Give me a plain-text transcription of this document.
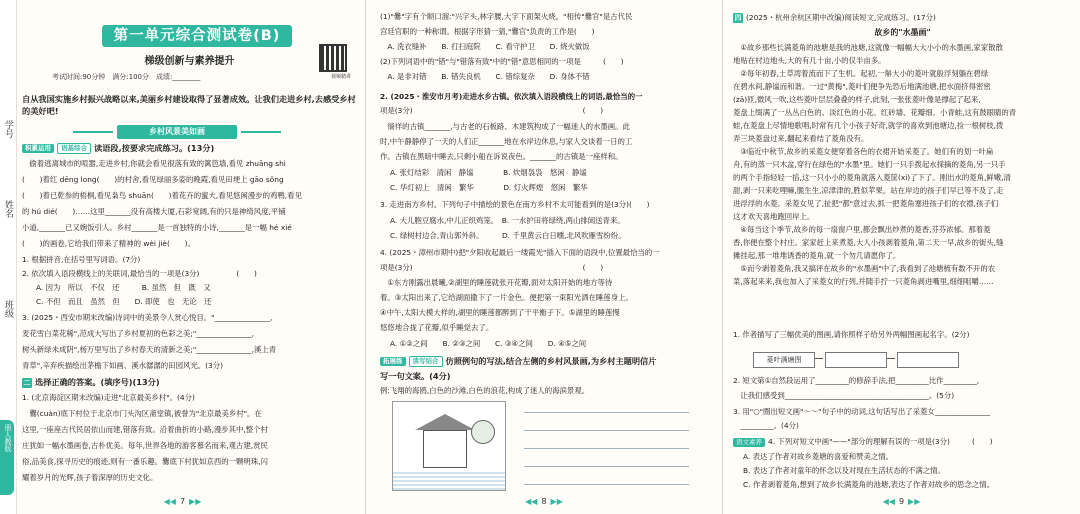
学号
姓名
班级
课时练大语文四年级下册人教版
第一单元综合测试卷(B)
梯级创新与素养提升
视频精讲
考试时间:90分钟　满分:100分　成绩:________
自从我国实施乡村振兴战略以来,美丽乡村建设取得了显著成效。让我们走进乡村,去感受乡村的美好吧!
乡村风景美如画
积累运用	语基综合 读语段,按要求完成练习。(13分)
　偷着逃离城市的喧嚣,走进乡村,你就会看见很落有致的篱笆墙,看见 zhuāng shì
(　　)着红 dēng long(　　)的村舍,看见绿丽多姿的晚霞,看见田埂上 gāo sǒng
(　　)着已乾参的梧桐,看见枭鸟 shuān(　　)着花卉的蜜大,看见悠闲漫步的鸡鸭,看见
的 hú dié(　　)……这里_______没有高楼大厦,石彩宽阔,有的只是神绮风度,平铺
小道,_______已又婉饭引人。乡村_______是一首独特的小诗,_______是一幅 hé xié
(　　)的画卷,它给我们带来了精神的 wèi jiè(　　)。
1. 根据拼音,在括号里写词语。(7分)
2. 依次填入语段横线上的关联词,最恰当的一项是(3分)　　　　　(　　)
A. 因为　所以　不仅　还　　　	B. 虽然　但　既　又
C. 不但　而且　虽然　但　　 D. 即使　也　无论　还
3. (2025・西安市期末改编)诗词中的美景令人赏心悦目。"_______________,
麦花雪白菜花稀",范成大写出了乡村夏初的色彩之美;"_______________,
树头新绿未成阴",杨万里写出了乡村春天的清新之美;"_______________,溪上青
青草",辛弃疾描绘出茅檐下如画、溪水潺潺的田园风光。(3分)
二 选择正确的答案。(填序号)(13分)
1. (北京海淀区期末改编)走进"北京最美乡村"。(4分)
　爨(cuàn)底下村位于北京市门头沟区斋堂镇,被誉为"北京最美乡村"。在
这里,一座座古代民居依山而建,错落有致。沿着曲折的小路,漫步其中,整个村
庄犹如一幅水墨画卷,古朴优美。每年,世界各地的游客慕名而来,观古建,赏民
俗,品美食,探寻历史的痕迹,则有一番乐趣。爨底下村犹如京西的一颗明珠,闪
耀着岁月的光辉,孩子着深厚的历史文化。
◀◀ 7 ▶▶
(1)"爨"字有个顺口溜:"兴字头,林字腰,大字下面架火烧。"相传"爨官"是古代民
宫廷官职的一种称谓。根据字形猜一猜,"爨官"负责的工作是(　　)
　A. 洗衣缝补　　B. 打扫庭院　　C. 看守护卫　　D. 烧火做饭
(2)下列词语中的"错"与"错落有致"中的"错"意思相同的一项是　　　(　　)
　A. 是非对错　　B. 错失良机　　C. 错综复杂　　D. 身体不错
2. (2025・淮安市月考)走进水乡古镇。依次填入语段横线上的词语,最恰当的一
项是(3分)　　　　　　　　　　　　　　　　　　　　　　　(　　)
　徜徉的古镇_______,与古老的石板路、木建筑构成了一幅迷人的水墨画。此
时,中午静静停了一天的人们正_______地在水岸边休息,与家人交谈着一日的工
作。古镇在黑暗中睡去,只剩小船在诉说夜色。_______的古镇是一座样和。
A. 张灯结彩　清闲　静谧　　　　B. 炊烟袅袅　悠闲　静谧
C. 华灯初上　清闲　繁华　　　　D. 灯火辉煌　悠闲　繁华
3. 走进南方乡村。下列句子中描绘的景色在南方乡村不太可能看到的是(3分)(　　)
A. 大儿胞豆腐水,中儿正织鸡笼。　B. 一水护田将绿绕,两山排闼送青来。
C. 绿树村边合,青山郭外斜。　　　D. 千里黄云白日曛,北风吹雁雪纷纷。
4. (2025・漳州市期中)把"夕阳收起最后一缕霞光"插入下面的语段中,位置最恰当的一
项是(3分)　　　　　　　　　　　　　　　　　　　　　　　(　　)
　①东方刚露出晨曦,②湖里的睡莲就张开花瓣,面对太阳开始的地方等待
着。③太阳出来了,它给湖面撒下了一片金色。便把第一束阳光洒在睡莲身上。
④中午,太阳大模大样的,湖里的睡莲都醉到了干平衡子下。⑤湖里的睡莲慢
悠悠地合拢了花瓣,似乎睡觉去了。
A. ①②之间　　B. ②③之间　　C. ③④之间　　D. ④⑤之间
拓展练	读写结合 仿照例句的写法,结合左侧的乡村风景画,为乡村主题明信片
写一句文案。(4分)
例:飞翔的海鸥,白色的沙滩,白色的浪花,构成了迷人的海滨景观。
◀◀ 8 ▶▶
四 (2025・杭州余杭区期中改编)阅读短文,完成练习。(17分)
故乡的"水墨画"
　①故乡那些长满菱角的池塘是我的池塘,这就像一幅幅大大小小的水墨画,家家散散
地贴在村边地头,大的有几十亩,小的仅半亩多。
　②每年初春,土草湾着流而下了生机。起初,一斛大小的菱叶就般浮刻躺在碧绿
在碧水间,静谧而和谐。一过"黄梅",菱叶们便争先恐后地满池塘,把水面挤得密密
(zā)匝,微风一吹,这些菱叶层层叠叠的样子,此刻,一张张菱叶像是撑起了起来,
菱盘上缀满了一丛丛白色的、淡红色的小花。红砖墙、花瓣细、小青蛙,这有鼓眼睛的青
蛙,在菱盘上尽情地歌唱,时常有几个小孩子好奇,就学的喜欢到池塘边,捡一根树枝,拨
弄三块菱盘过来,翻起来看结了菱角没有。
　③临近中秋节,故乡的采菱女便穿着各色的衣裙开始采菱了。她们有的划一叶扁
舟,有的蒸一只木盆,穿行在绿色的"水墨"里。她们一只手拨起水採摘的菱角,另一只手
的两个手指轻轻一掐,这一只小小的菱角就落入菱筐(xí)了下了。刚出水的菱角,鲜嫩,清
甜,剥一只来吃哩嘛,脆生生,凉津津的,胜似苹果。站在岸边的孩子们早已等不及了,走
进浮浮的水菱。采菱女见了,扯把"都"意过去,抓一把菱角塞进孩子们的衣襟,孩子们
这才欢天喜地跑回岸上。
　④每当这个季节,故乡的每一扇窗户里,都会飘出炒煮的菱香,芬芬浓郁。那着菱
香,你便在整个村庄。家家赶上来煮菱,大人小孩剥着菱角,第二天一早,故乡的街头,缝
摊挂起,那一堆堆诱香的菱角,就一个勿几请愿你了。
　⑤而今剥着菱角,我又搞评在故乡的"水墨画"中了;我看到了池塘梳有数不开的农
菜,落起来来,我也加入了采菱女的行列,并随手拧一只菱角剥进嘴里,细细咀嚼……
1. 作者描写了三幅优美的图画,请你照样子给另外两幅图画起名字。(2分)
2. 短文第①自然段运用了_________的修辞手法,把_________比作_________,
　让我们感受到_______________________________________。(5分)
3. 用"○"圈出短文画"～～"句子中的动词,这句话写出了采菱女_______________
　_________。(4分)
语文素养 4. 下列对短文中画"——"部分的理解有误的一项是(3分)　　　(　　)
A. 表达了作者对故乡菱塘的喜爱和赞美之情。
B. 表达了作者对童年的怀念以及对现在生活状态的不满之情。
C. 作者剥着菱角,想到了故乡长满菱角的池塘,表达了作者对故乡的思念之情。
菱叶满塘图
◀◀ 9 ▶▶
